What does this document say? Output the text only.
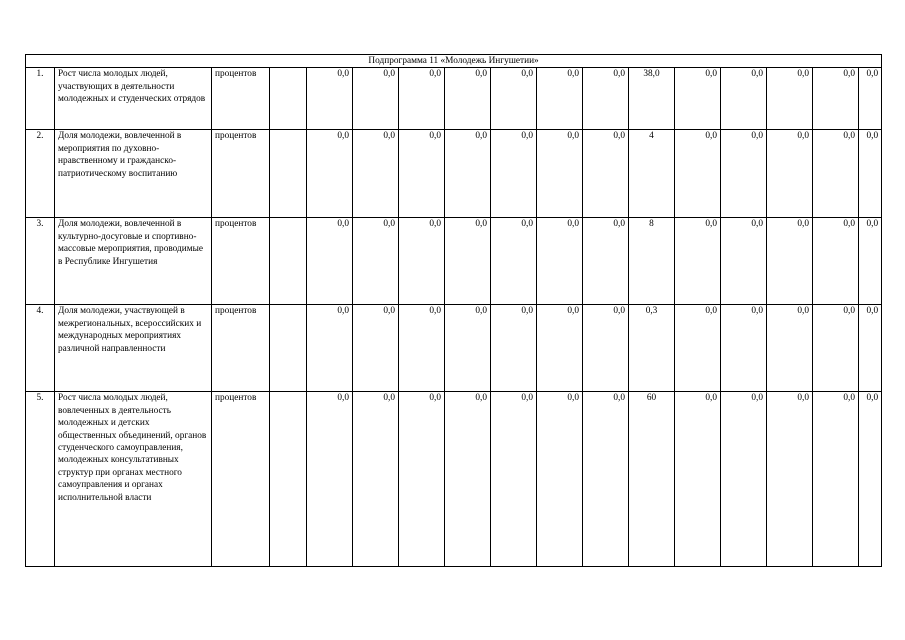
Подпрограмма 11 «Молодежь Ингушетии»																	
1.	Рост числа молодых людей, участвующих в деятельности молодежных и студенческих отрядов	процентов		0,0	0,0	0,0	0,0	0,0	0,0	0,0	38,0	0,0	0,0	0,0	0,0	0,0	
2.	Доля молодежи, вовлеченной в мероприятия по духовно-нравственному и гражданско-патриотическому воспитанию	процентов		0,0	0,0	0,0	0,0	0,0	0,0	0,0	4	0,0	0,0	0,0	0,0	0,0	
3.	Доля молодежи, вовлеченной в культурно-досуговые и спортивно-массовые мероприятия, проводимые в Республике Ингушетия	процентов		0,0	0,0	0,0	0,0	0,0	0,0	0,0	8	0,0	0,0	0,0	0,0	0,0	
4.	Доля молодежи, участвующей в межрегиональных, всероссийских и международных мероприятиях различной направленности	процентов		0,0	0,0	0,0	0,0	0,0	0,0	0,0	0,3	0,0	0,0	0,0	0,0	0,0	
5.	Рост числа молодых людей, вовлеченных в деятельность молодежных и детских общественных объединений, органов студенческого самоуправления, молодежных консультативных структур при органах местного самоуправления и органах исполнительной власти	процентов		0,0	0,0	0,0	0,0	0,0	0,0	0,0	60	0,0	0,0	0,0	0,0	0,0	
